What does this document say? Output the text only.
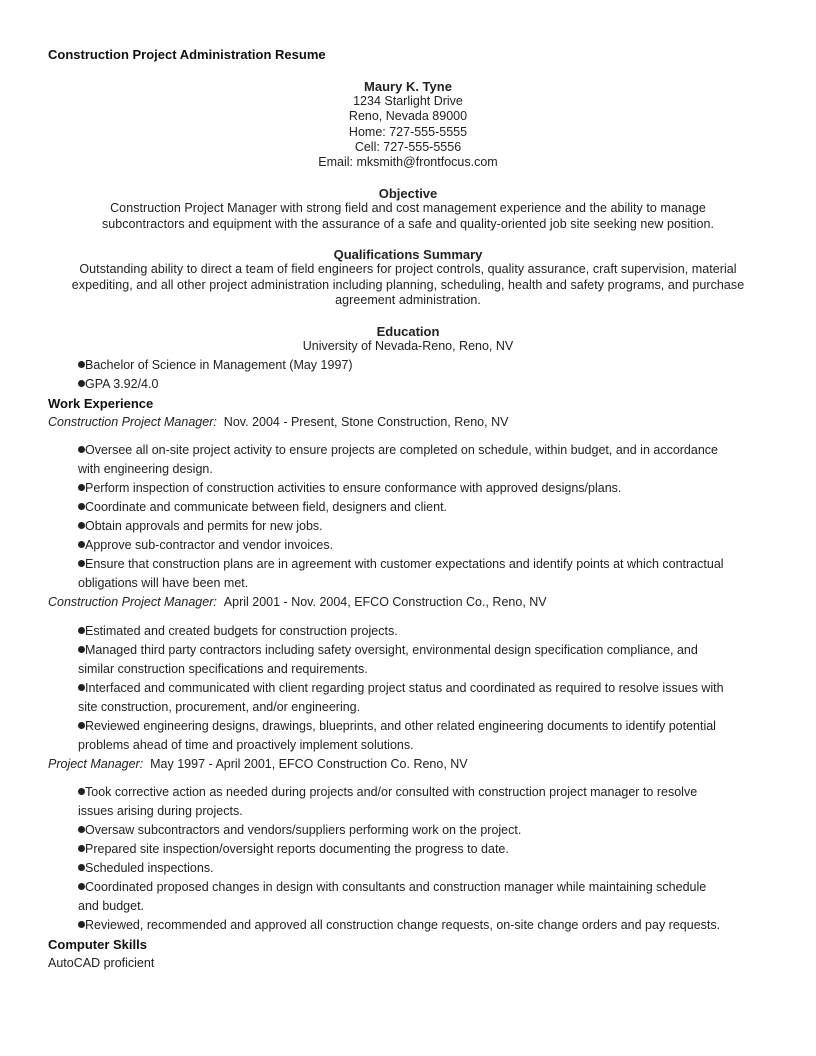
Construction Project Administration Resume
Maury K. Tyne
1234 Starlight Drive
Reno, Nevada 89000
Home: 727-555-5555
Cell: 727-555-5556
Email: mksmith@frontfocus.com
Objective
Construction Project Manager with strong field and cost management experience and the ability to manage
subcontractors and equipment with the assurance of a safe and quality-oriented job site seeking new position.
Qualifications Summary
Outstanding ability to direct a team of field engineers for project controls, quality assurance, craft supervision, material
expediting, and all other project administration including planning, scheduling, health and safety programs, and purchase
agreement administration.
Education
University of Nevada-Reno, Reno, NV
Bachelor of Science in Management (May 1997)
GPA 3.92/4.0
Work Experience
Construction Project Manager: Nov. 2004 - Present, Stone Construction, Reno, NV
Oversee all on-site project activity to ensure projects are completed on schedule, within budget, and in accordance
with engineering design.
Perform inspection of construction activities to ensure conformance with approved designs/plans.
Coordinate and communicate between field, designers and client.
Obtain approvals and permits for new jobs.
Approve sub-contractor and vendor invoices.
Ensure that construction plans are in agreement with customer expectations and identify points at which contractual
obligations will have been met.
Construction Project Manager: April 2001 - Nov. 2004, EFCO Construction Co., Reno, NV
Estimated and created budgets for construction projects.
Managed third party contractors including safety oversight, environmental design specification compliance, and
similar construction specifications and requirements.
Interfaced and communicated with client regarding project status and coordinated as required to resolve issues with
site construction, procurement, and/or engineering.
Reviewed engineering designs, drawings, blueprints, and other related engineering documents to identify potential
problems ahead of time and proactively implement solutions.
Project Manager: May 1997 - April 2001, EFCO Construction Co. Reno, NV
Took corrective action as needed during projects and/or consulted with construction project manager to resolve
issues arising during projects.
Oversaw subcontractors and vendors/suppliers performing work on the project.
Prepared site inspection/oversight reports documenting the progress to date.
Scheduled inspections.
Coordinated proposed changes in design with consultants and construction manager while maintaining schedule
and budget.
Reviewed, recommended and approved all construction change requests, on-site change orders and pay requests.
Computer Skills
AutoCAD proficient
